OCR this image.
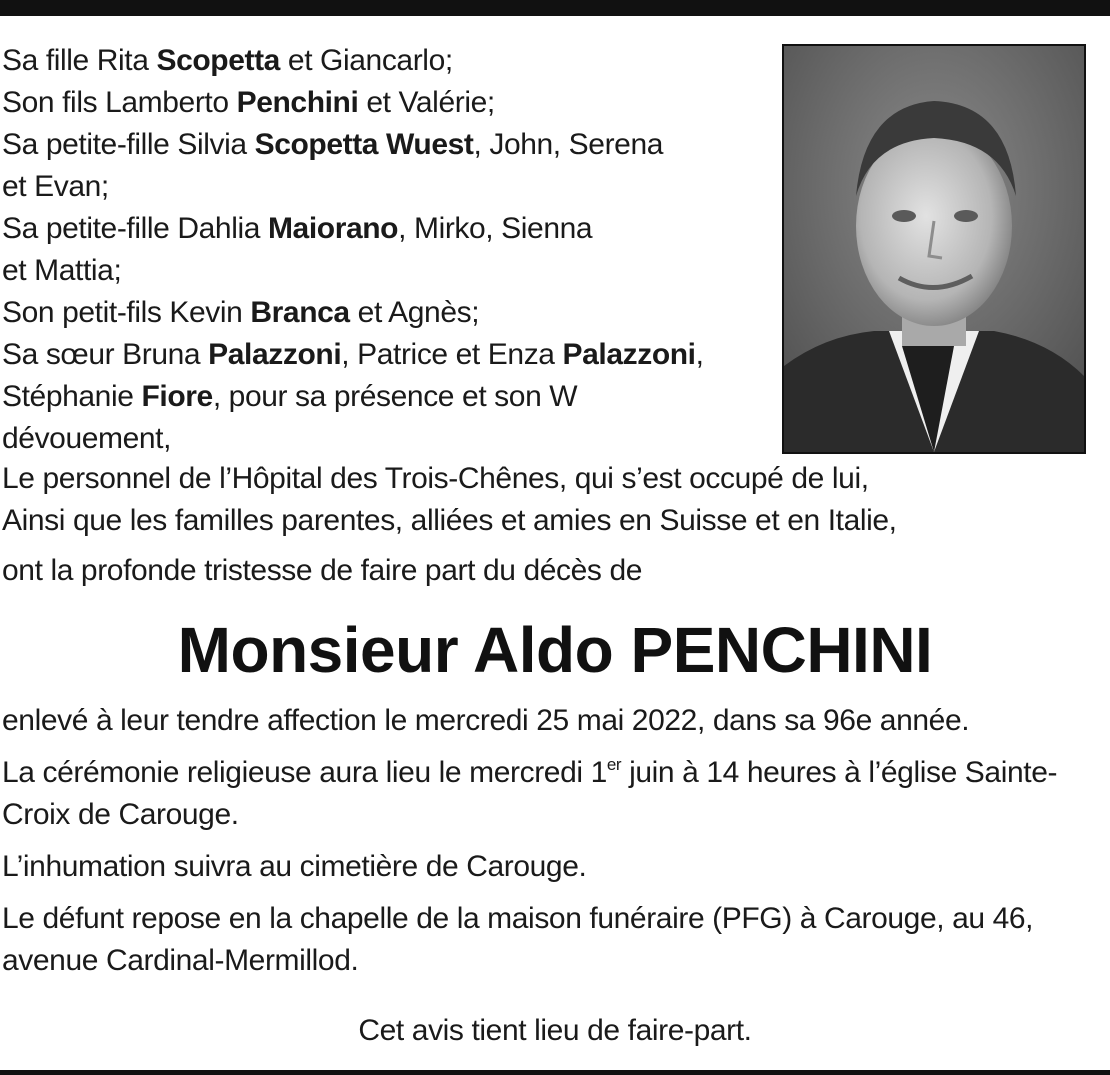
Sa fille Rita Scopetta et Giancarlo;
Son fils Lamberto Penchini et Valérie;
Sa petite-fille Silvia Scopetta Wuest, John, Serena
et Evan;
Sa petite-fille Dahlia Maiorano, Mirko, Sienna
et Mattia;
Son petit-fils Kevin Branca et Agnès;
Sa sœur Bruna Palazzoni, Patrice et Enza Palazzoni,
Stéphanie Fiore, pour sa présence et son W
dévouement,
Le personnel de l’Hôpital des Trois-Chênes, qui s’est occupé de lui,
Ainsi que les familles parentes, alliées et amies en Suisse et en Italie,
ont la profonde tristesse de faire part du décès de
Monsieur Aldo PENCHINI
enlevé à leur tendre affection le mercredi 25 mai 2022, dans sa 96e année.
La cérémonie religieuse aura lieu le mercredi 1er juin à 14 heures à l’église Sainte-Croix de Carouge.
L’inhumation suivra au cimetière de Carouge.
Le défunt repose en la chapelle de la maison funéraire (PFG) à Carouge, au 46, avenue Cardinal-Mermillod.
Cet avis tient lieu de faire-part.
